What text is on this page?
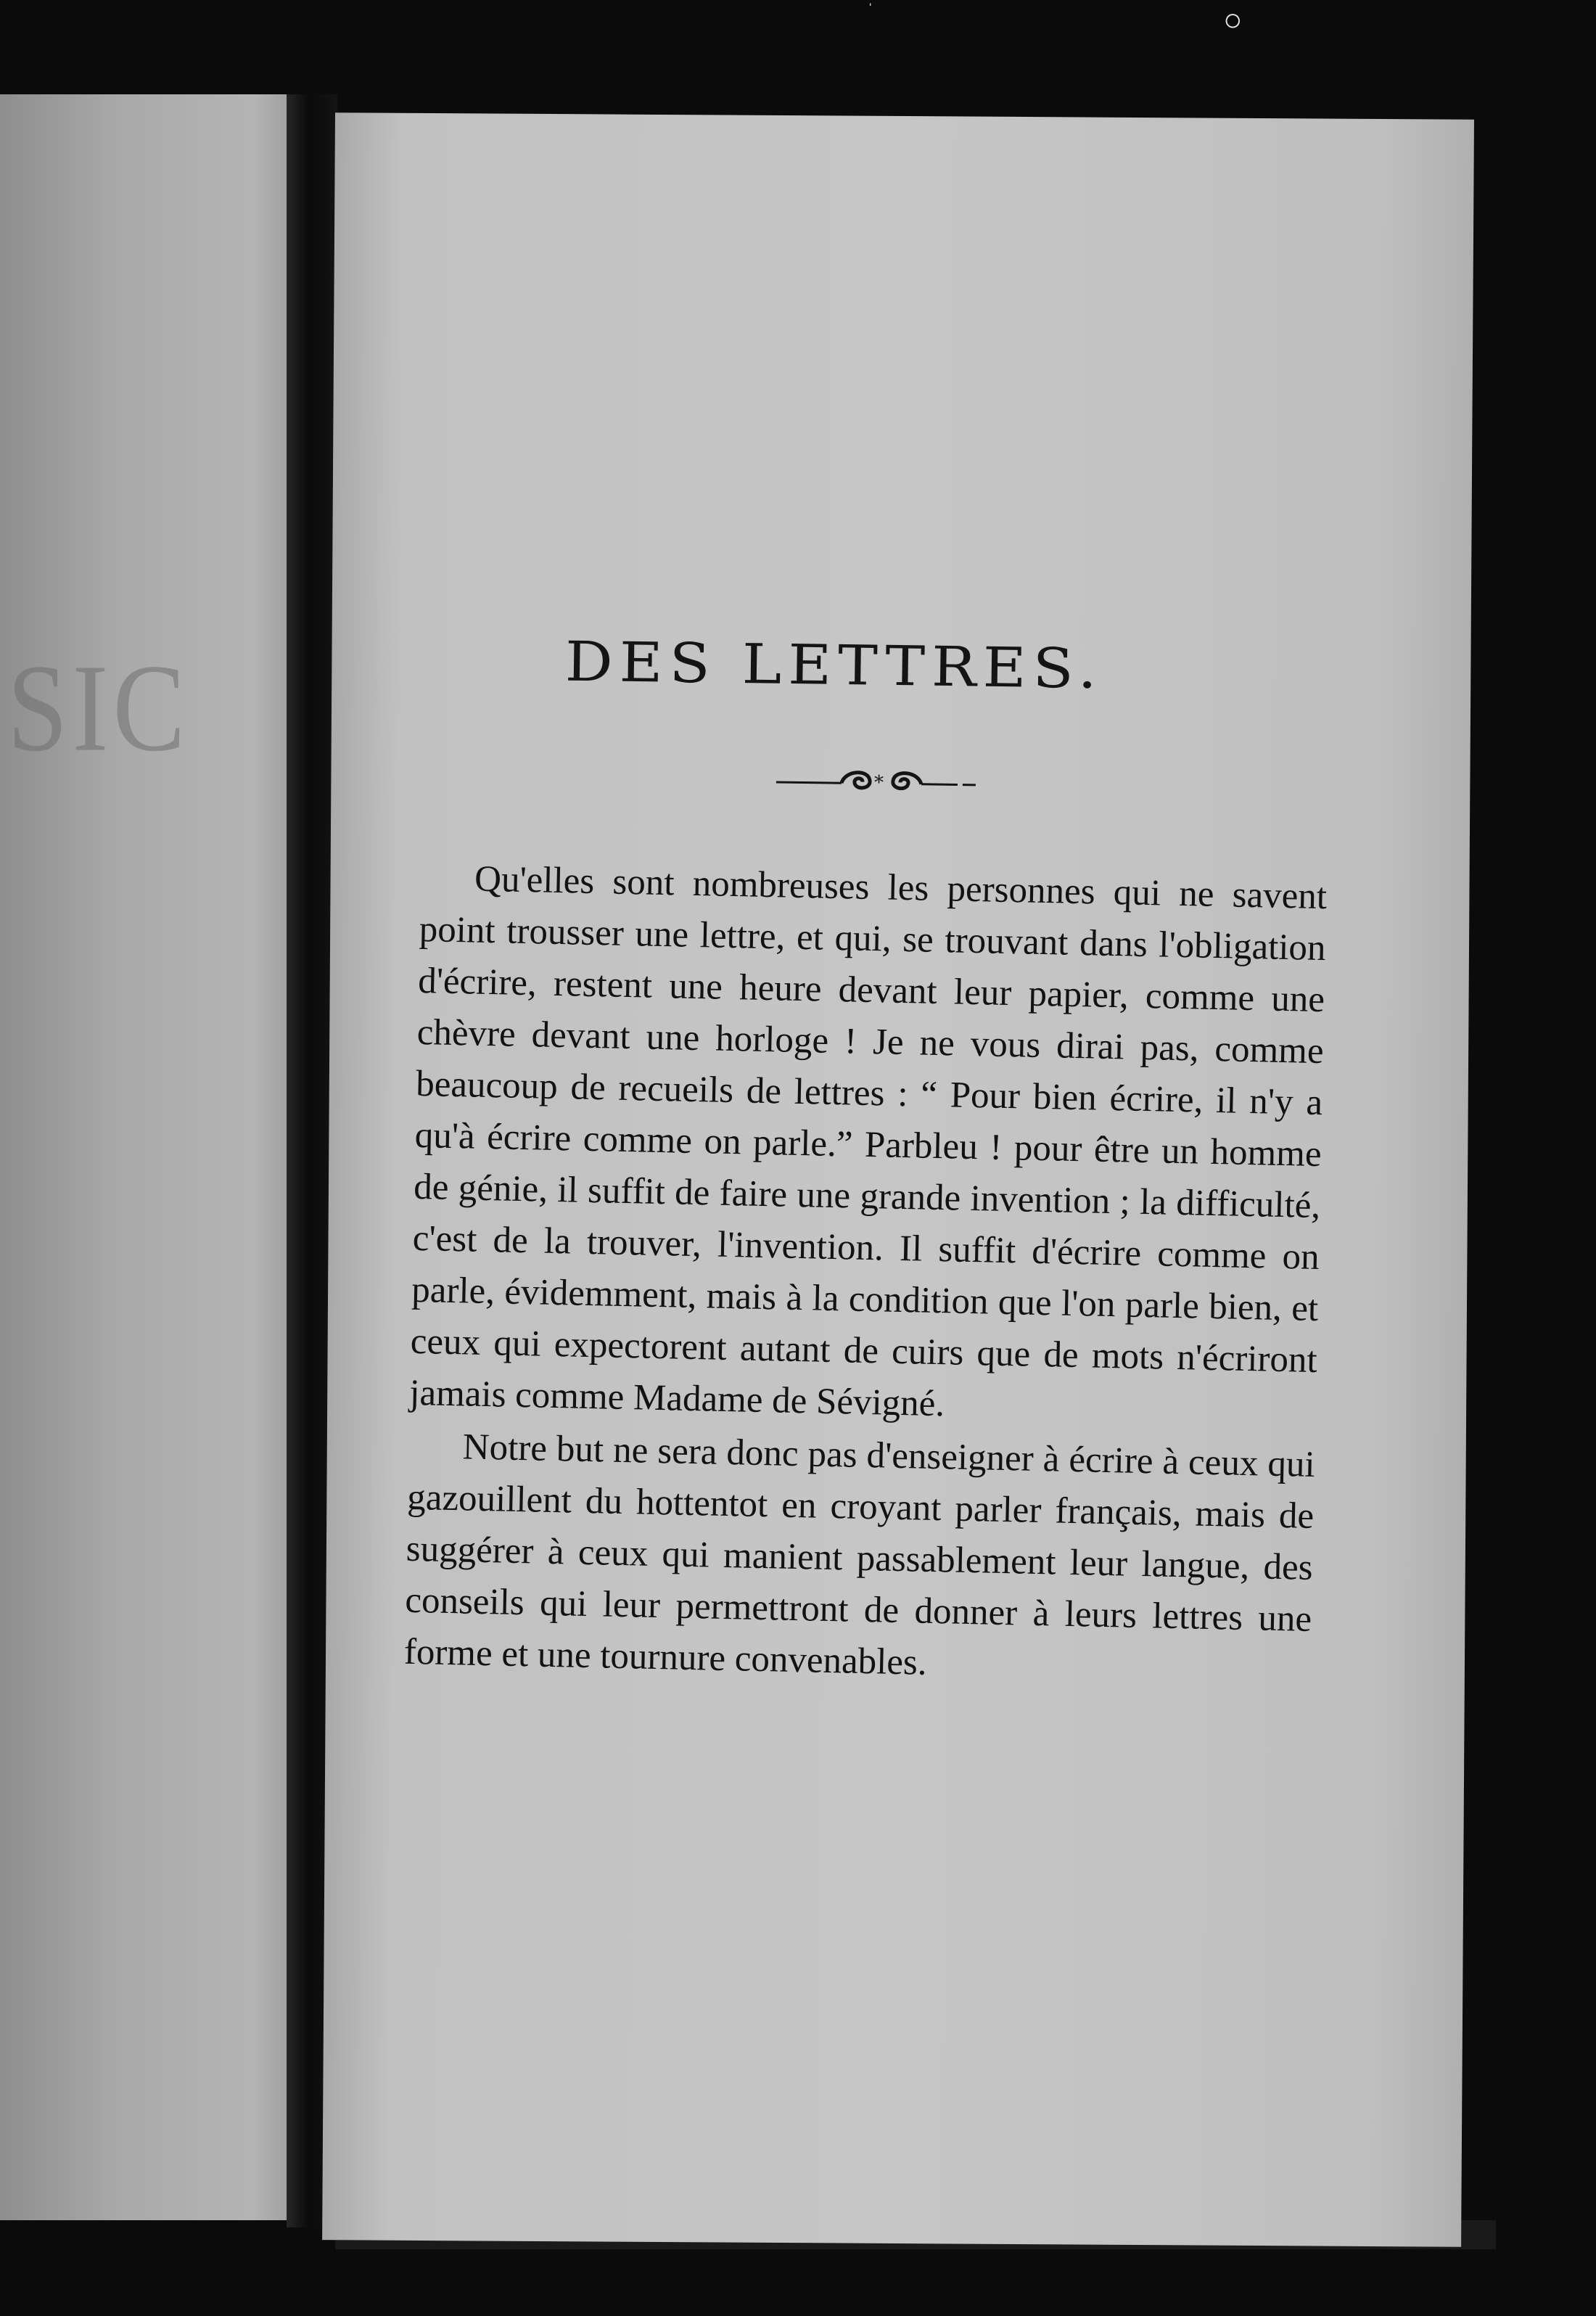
SIC
○
ˈ
DES LETTRES.
*

Qu'elles sont nombreuses les personnes qui ne savent point trousser une lettre, et qui, se trouvant dans l'obligation d'écrire, restent une heure devant leur papier, comme une chèvre devant une horloge ! Je ne vous dirai pas, comme beaucoup de recueils de lettres : “ Pour bien écrire, il n'y a qu'à écrire comme on parle.” Parbleu ! pour être un homme de génie, il suffit de faire une grande invention ; la difficulté, c'est de la trouver, l'invention. Il suffit d'écrire comme on parle, évidemment, mais à la condition que l'on parle bien, et ceux qui expectorent autant de cuirs que de mots n'écriront jamais comme Madame de Sévigné.

Notre but ne sera donc pas d'enseigner à écrire à ceux qui gazouillent du hottentot en croyant parler français, mais de suggérer à ceux qui manient passablement leur langue, des conseils qui leur permettront de donner à leurs lettres une forme et une tournure convenables.
